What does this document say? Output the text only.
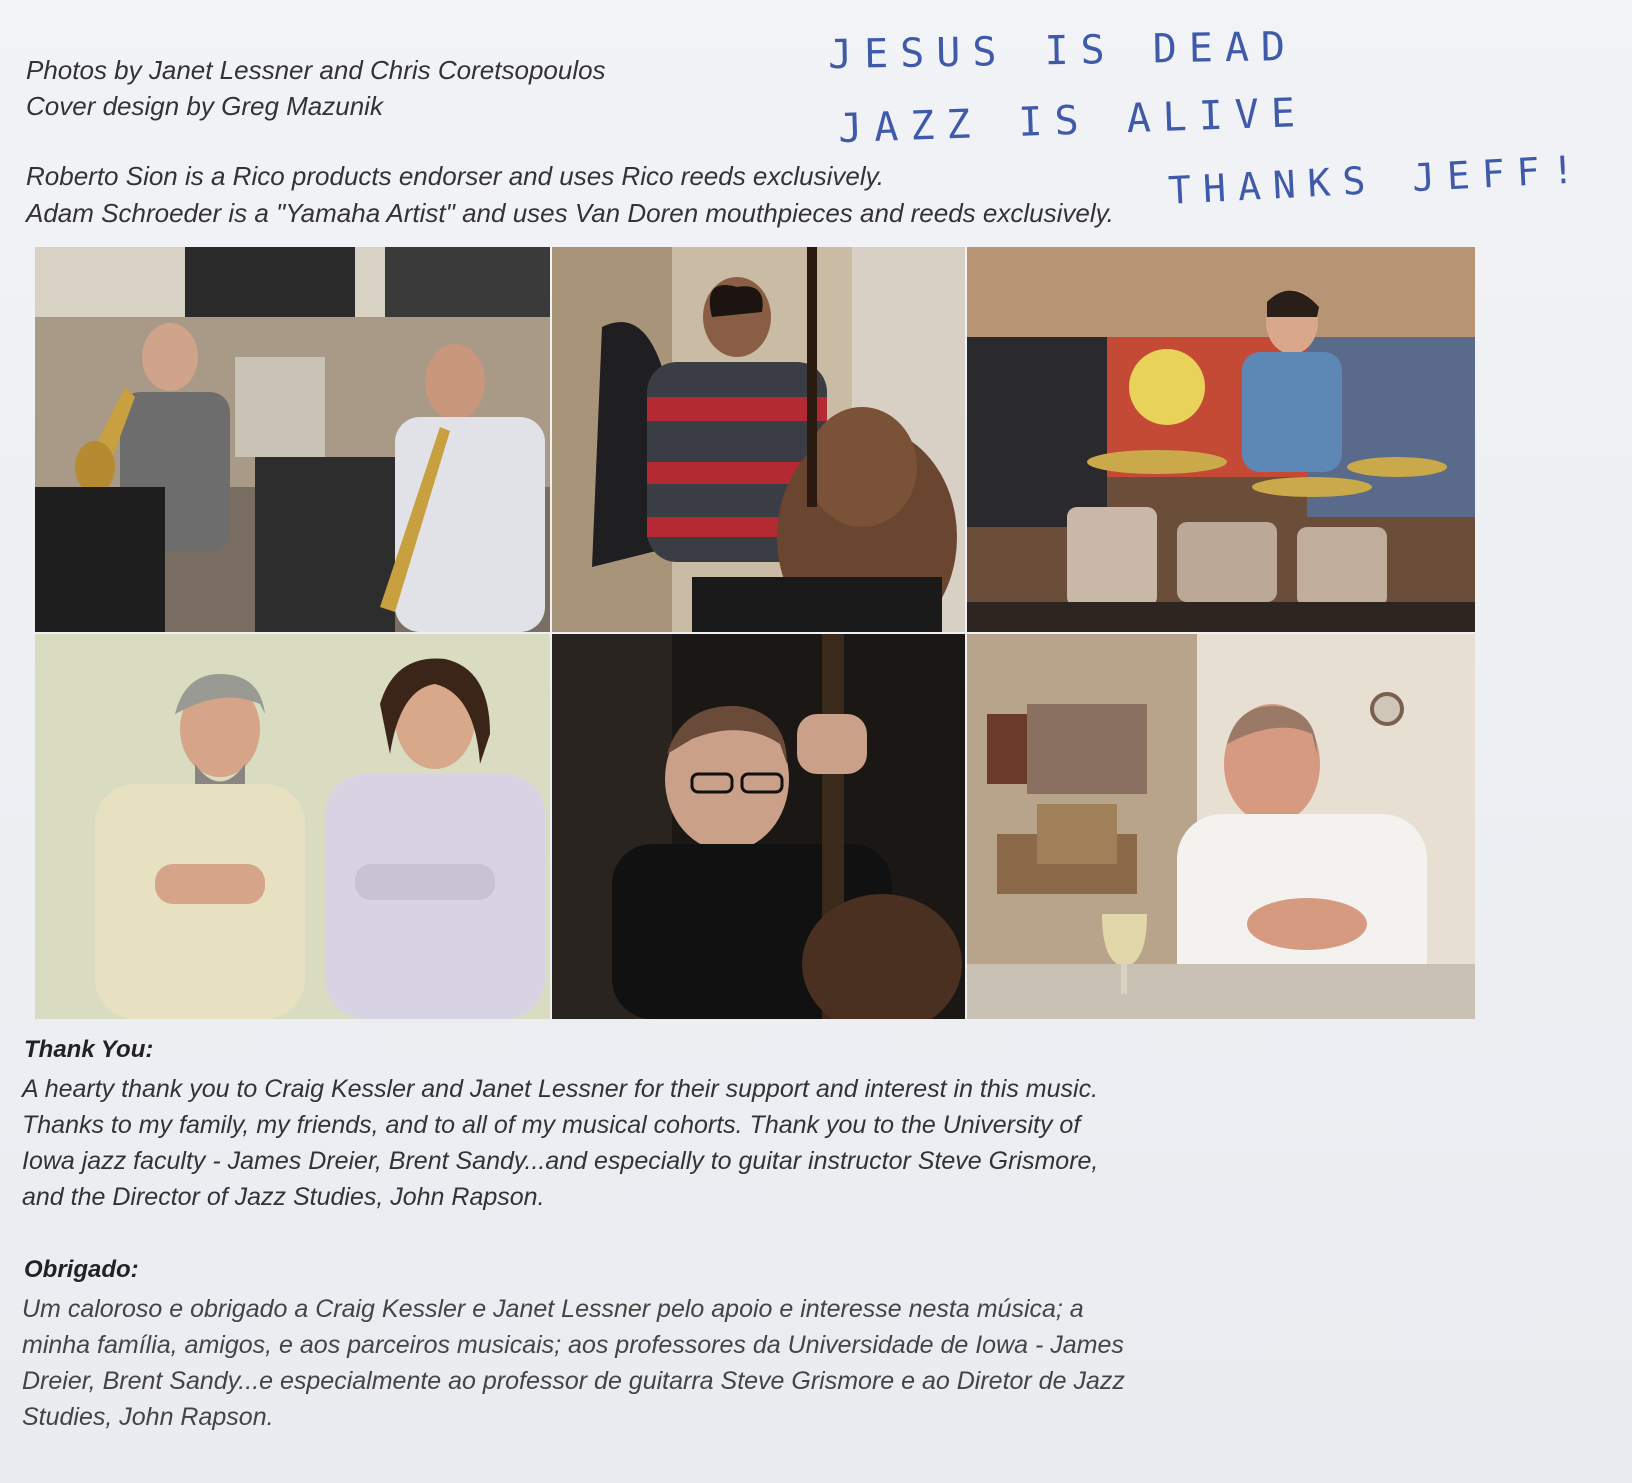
Photos by Janet Lessner and Chris Coretsopoulos
Cover design by Greg Mazunik
Roberto Sion is a Rico products endorser and uses Rico reeds exclusively.
Adam Schroeder is a "Yamaha Artist" and uses Van Doren mouthpieces and reeds exclusively.
JESUS IS DEAD
JAZZ IS ALIVE
THANKS JEFF!
Thank You:
A hearty thank you to Craig Kessler and Janet Lessner for their support and interest in this music.
Thanks to my family, my friends, and to all of my musical cohorts. Thank you to the University of
Iowa jazz faculty - James Dreier, Brent Sandy...and especially to guitar instructor Steve Grismore,
and the Director of Jazz Studies, John Rapson.
Obrigado:
Um caloroso e obrigado a Craig Kessler e Janet Lessner pelo apoio e interesse nesta música; a
minha família, amigos, e aos parceiros musicais; aos professores da Universidade de Iowa - James
Dreier, Brent Sandy...e especialmente ao professor de guitarra Steve Grismore e ao Diretor de Jazz
Studies, John Rapson.
